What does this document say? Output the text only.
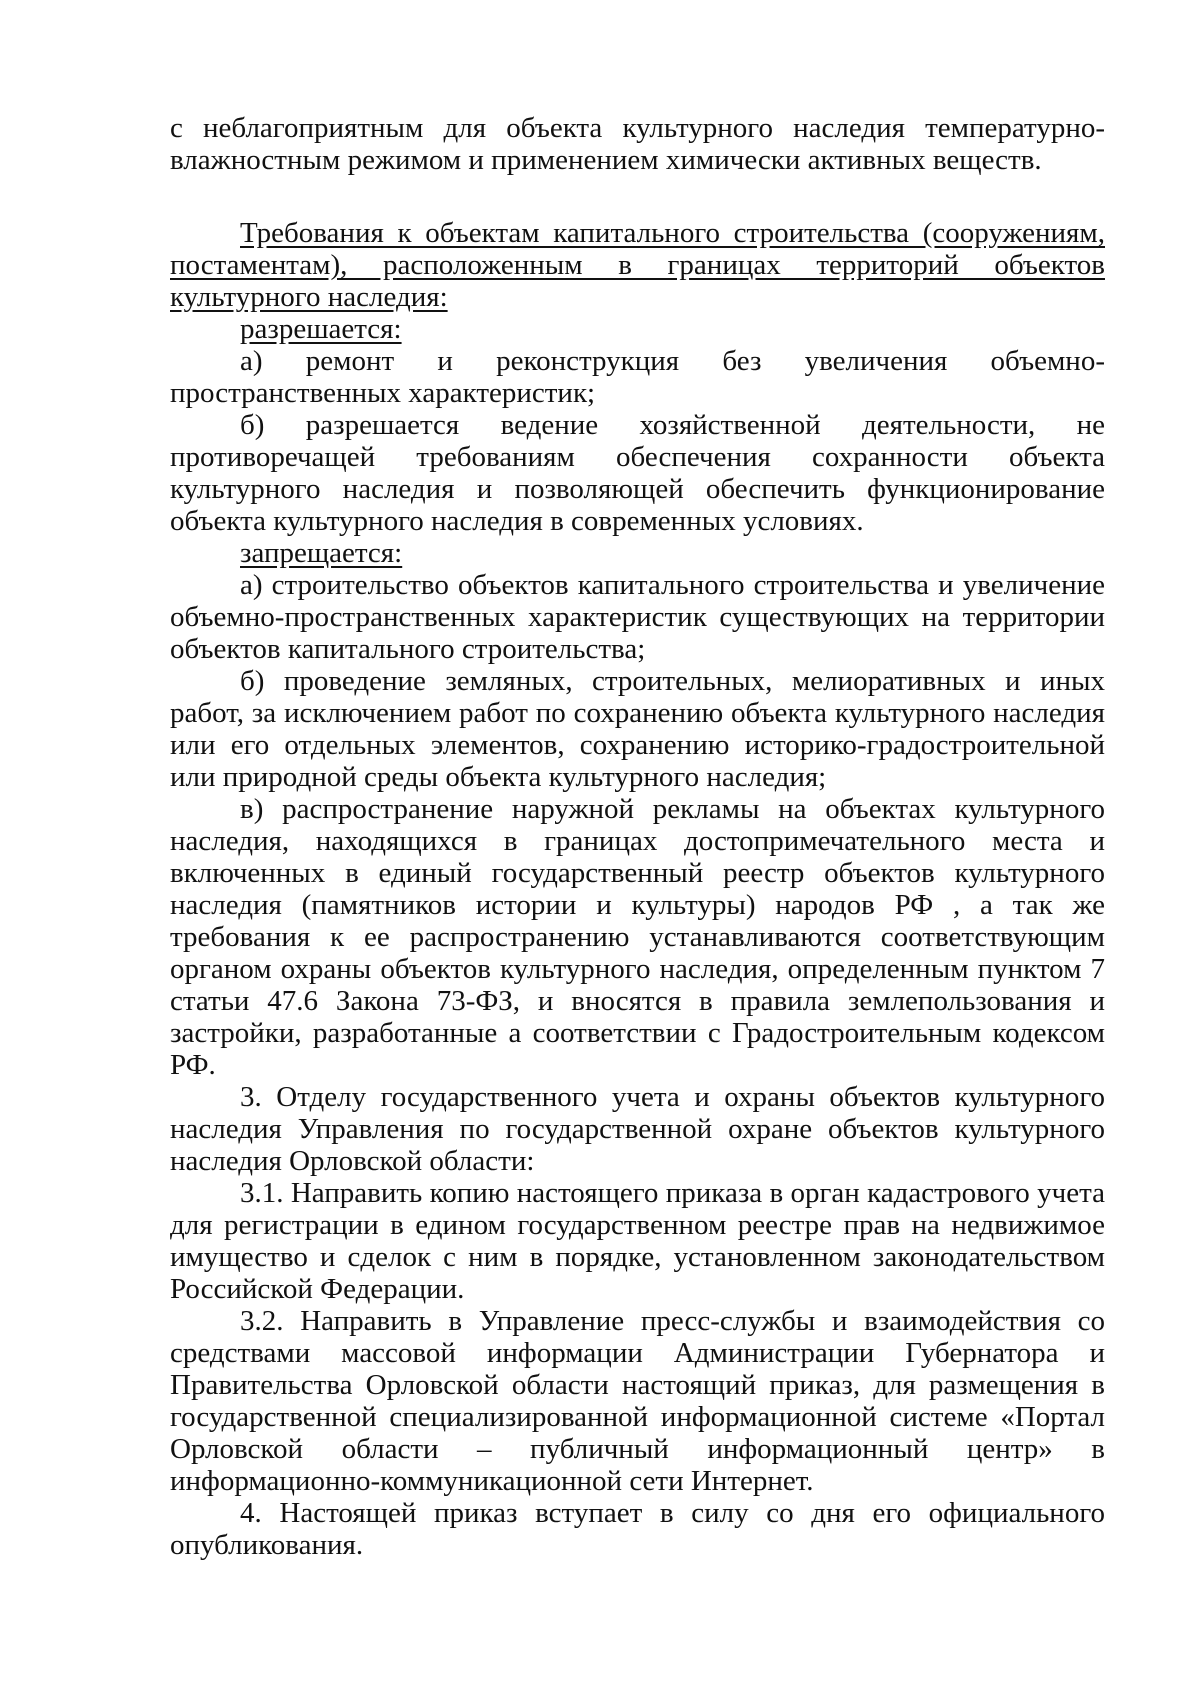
с неблагоприятным для объекта культурного наследия температурно-влажностным режимом и применением химически активных веществ.

Требования к объектам капитального строительства (сооружениям, постаментам), расположенным в границах территорий объектов культурного наследия:

разрешается:

а) ремонт и реконструкция без увеличения объемно-пространственных характеристик;

б) разрешается ведение хозяйственной деятельности, не противоречащей требованиям обеспечения сохранности объекта культурного наследия и позволяющей обеспечить функционирование объекта культурного наследия в современных условиях.

запрещается:

а) строительство объектов капитального строительства и увеличение объемно-пространственных характеристик существующих на территории объектов капитального строительства;

б) проведение земляных, строительных, мелиоративных и иных работ, за исключением работ по сохранению объекта культурного наследия или его отдельных элементов, сохранению историко-градостроительной или природной среды объекта культурного наследия;

в) распространение наружной рекламы на объектах культурного наследия, находящихся в границах достопримечательного места и включенных в единый государственный реестр объектов культурного наследия (памятников истории и культуры) народов РФ , а так же требования к ее распространению устанавливаются соответствующим органом охраны объектов культурного наследия, определенным пунктом 7 статьи 47.6 Закона 73-ФЗ, и вносятся в правила землепользования и застройки, разработанные а соответствии с Градостроительным кодексом РФ.

3. Отделу государственного учета и охраны объектов культурного наследия Управления по государственной охране объектов культурного наследия Орловской области:

3.1. Направить копию настоящего приказа в орган кадастрового учета для регистрации в едином государственном реестре прав на недвижимое имущество и сделок с ним в порядке, установленном законодательством Российской Федерации.

3.2. Направить в Управление пресс-службы и взаимодействия со средствами массовой информации Администрации Губернатора и Правительства Орловской области настоящий приказ, для размещения в государственной специализированной информационной системе «Портал Орловской области – публичный информационный центр» в информационно-коммуникационной сети Интернет.

4. Настоящей приказ вступает в силу со дня его официального опубликования.
